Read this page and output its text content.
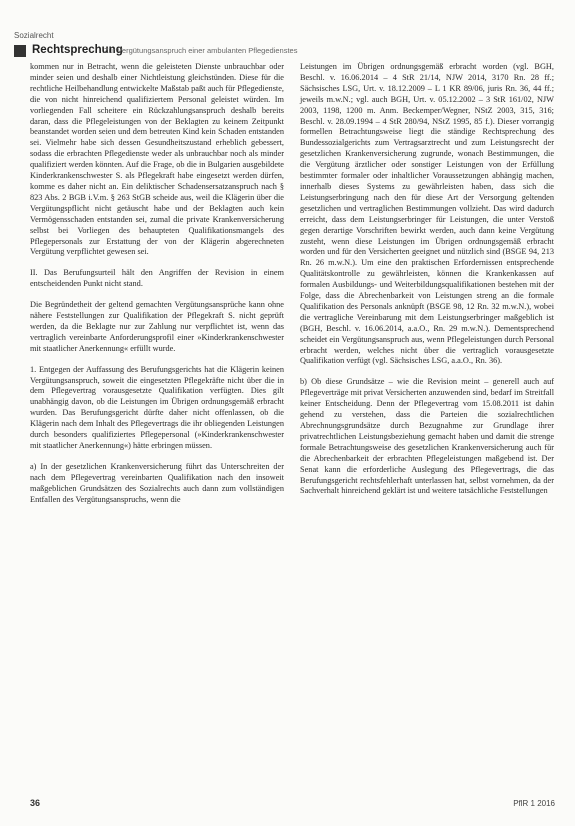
Sozialrecht
Rechtsprechung
Zur Vergütungsanspruch einer ambulanten Pflegedienstes

kommen nur in Betracht, wenn die geleisteten Dienste unbrauchbar oder minder seien und deshalb einer Nichtleistung gleichstünden. Diese für die rechtliche Heilbehandlung entwickelte Maßstab paßt auch für Pflegedienste, die von nicht hinreichend qualifiziertem Personal geleistet würden. Im vorliegenden Fall scheitere ein Rückzahlungsanspruch deshalb bereits daran, dass die Pflegeleistungen von der Beklagten zu keinem Zeitpunkt beanstandet worden seien und dem betreuten Kind kein Schaden entstanden sei. Vielmehr habe sich dessen Gesundheitszustand erheblich gebessert, sodass die erbrachten Pflegedienste weder als unbrauchbar noch als minder qualifiziert werden könnten. Auf die Frage, ob die in Bulgarien ausgebildete Kinderkrankenschwester S. als Pflegekraft habe eingesetzt werden dürfen, komme es daher nicht an. Ein deliktischer Schadensersatzanspruch nach § 823 Abs. 2 BGB i.V.m. § 263 StGB scheide aus, weil die Klägerin über die Vergütungspflicht nicht getäuscht habe und der Beklagten auch kein Vermögensschaden entstanden sei, zumal die private Krankenversicherung selbst bei Vorliegen des behaupteten Qualifikationsmangels des Pflegepersonals zur Erstattung der von der Klägerin abgerechneten Vergütung verpflichtet gewesen sei.

II. Das Berufungsurteil hält den Angriffen der Revision in einem entscheidenden Punkt nicht stand.

Die Begründetheit der geltend gemachten Vergütungsansprüche kann ohne nähere Feststellungen zur Qualifikation der Pflegekraft S. nicht geprüft werden, da die Beklagte nur zur Zahlung nur verpflichtet ist, wenn das vertraglich vereinbarte Anforderungsprofil einer »Kinderkrankenschwester mit staatlicher Anerkennung« erfüllt wurde.

1. Entgegen der Auffassung des Berufungsgerichts hat die Klägerin keinen Vergütungsanspruch, soweit die eingesetzten Pflegekräfte nicht über die in dem Pflegevertrag vorausgesetzte Qualifikation verfügten. Dies gilt unabhängig davon, ob die Leistungen im Übrigen ordnungsgemäß erbracht wurden. Das Berufungsgericht dürfte daher nicht offenlassen, ob die Klägerin nach dem Inhalt des Pflegevertrags die ihr obliegenden Leistungen durch besonders qualifiziertes Pflegepersonal (»Kinderkrankenschwester mit staatlicher Anerkennung«) hätte erbringen müssen.

a) In der gesetzlichen Krankenversicherung führt das Unterschreiten der nach dem Pflegevertrag vereinbarten Qualifikation nach den insoweit maßgeblichen Grundsätzen des Sozialrechts auch dann zum vollständigen Entfallen des Vergütungsanspruchs, wenn die

Leistungen im Übrigen ordnungsgemäß erbracht worden (vgl. BGH, Beschl. v. 16.06.2014 – 4 StR 21/14, NJW 2014, 3170 Rn. 28 ff.; Sächsisches LSG, Urt. v. 18.12.2009 – L 1 KR 89/06, juris Rn. 36, 44 ff.; jeweils m.w.N.; vgl. auch BGH, Urt. v. 05.12.2002 – 3 StR 161/02, NJW 2003, 1198, 1200 m. Anm. Beckemper/Wegner, NStZ 2003, 315, 316; Beschl. v. 28.09.1994 – 4 StR 280/94, NStZ 1995, 85 f.). Dieser vorrangig formellen Betrachtungsweise liegt die ständige Rechtsprechung des Bundessozialgerichts zum Vertragsarztrecht und zum Leistungsrecht der gesetzlichen Krankenversicherung zugrunde, wonach Bestimmungen, die die Vergütung ärztlicher oder sonstiger Leistungen von der Erfüllung bestimmter formaler oder inhaltlicher Voraussetzungen abhängig machen, innerhalb dieses Systems zu gewährleisten haben, dass sich die Leistungserbringung nach den für diese Art der Versorgung geltenden gesetzlichen und vertraglichen Bestimmungen vollzieht. Das wird dadurch erreicht, dass dem Leistungserbringer für Leistungen, die unter Verstoß gegen derartige Vorschriften bewirkt werden, auch dann keine Vergütung zusteht, wenn diese Leistungen im Übrigen ordnungsgemäß erbracht worden und für den Versicherten geeignet und nützlich sind (BSGE 94, 213 Rn. 26 m.w.N.). Um eine den praktischen Erfordernissen entsprechende Qualitätskontrolle zu gewährleisten, können die Krankenkassen auf formalen Ausbildungs- und Weiterbildungsqualifikationen bestehen mit der Folge, dass die Abrechenbarkeit von Leistungen streng an die formale Qualifikation des Personals anknüpft (BSGE 98, 12 Rn. 32 m.w.N.), wobei die vertragliche Vereinbarung mit dem Leistungserbringer maßgeblich ist (BGH, Beschl. v. 16.06.2014, a.a.O., Rn. 29 m.w.N.). Dementsprechend scheidet ein Vergütungsanspruch aus, wenn Pflegeleistungen durch Personal erbracht werden, welches nicht über die vertraglich vorausgesetzte Qualifikation verfügt (vgl. Sächsisches LSG, a.a.O., Rn. 36).

b) Ob diese Grundsätze – wie die Revision meint – generell auch auf Pflegeverträge mit privat Versicherten anzuwenden sind, bedarf im Streitfall keiner Entscheidung. Denn der Pflegevertrag vom 15.08.2011 ist dahin gehend zu verstehen, dass die Parteien die sozialrechtlichen Abrechnungsgrundsätze durch Bezugnahme zur Grundlage ihrer privatrechtlichen Leistungsbeziehung gemacht haben und damit die strenge formale Betrachtungsweise des gesetzlichen Krankenversicherung auch für die Abrechenbarkeit der erbrachten Pflegeleistungen maßgebend ist. Der Senat kann die erforderliche Auslegung des Pflegevertrags, die das Berufungsgericht rechtsfehlerhaft unterlassen hat, selbst vornehmen, da der Sachverhalt hinreichend geklärt ist und weitere tatsächliche Feststellungen

36	PflR 1 2016
